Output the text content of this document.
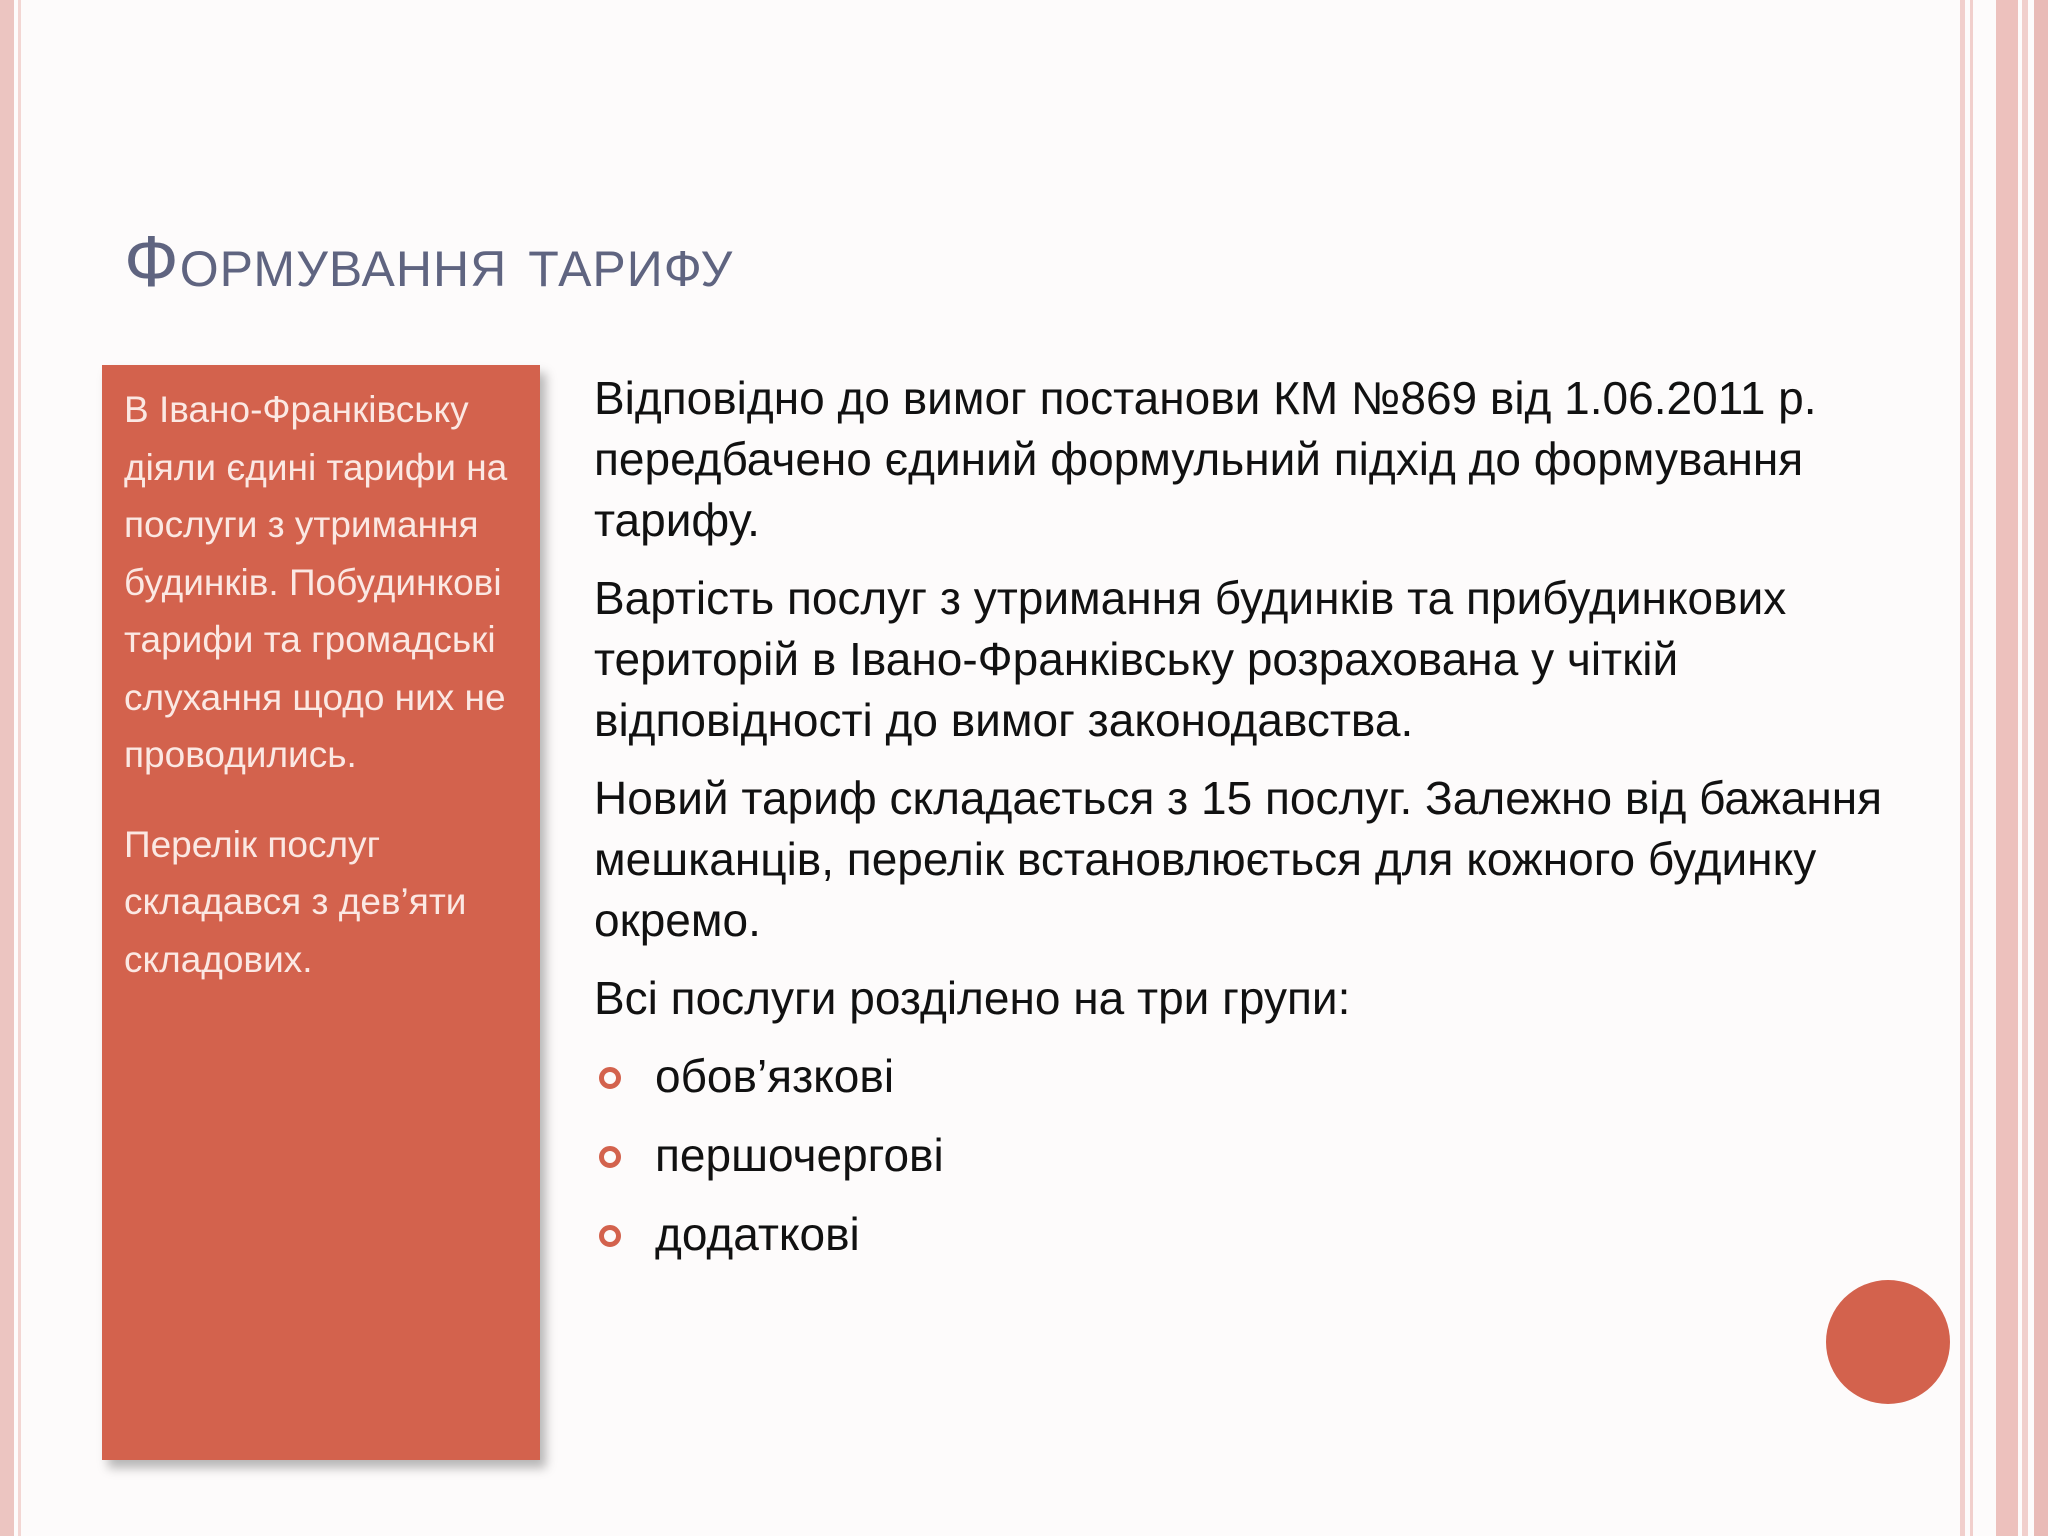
Формування тарифу

В Івано-Франківську діяли єдині тарифи на послуги з утримання будинків. Побудинкові тарифи та громадські слухання щодо них не проводились.

Перелік послуг складався з дев’яти складових.

Відповідно до вимог постанови КМ №869 від 1.06.2011 р. передбачено єдиний формульний підхід до формування тарифу.

Вартість послуг з утримання будинків та прибудинкових територій в Івано-Франківську розрахована у чіткій відповідності до вимог законодавства.

Новий тариф складається з 15 послуг. Залежно від бажання мешканців, перелік встановлюється для кожного будинку окремо.

Всі послуги розділено на три групи:

обов’язкові
першочергові
додаткові
